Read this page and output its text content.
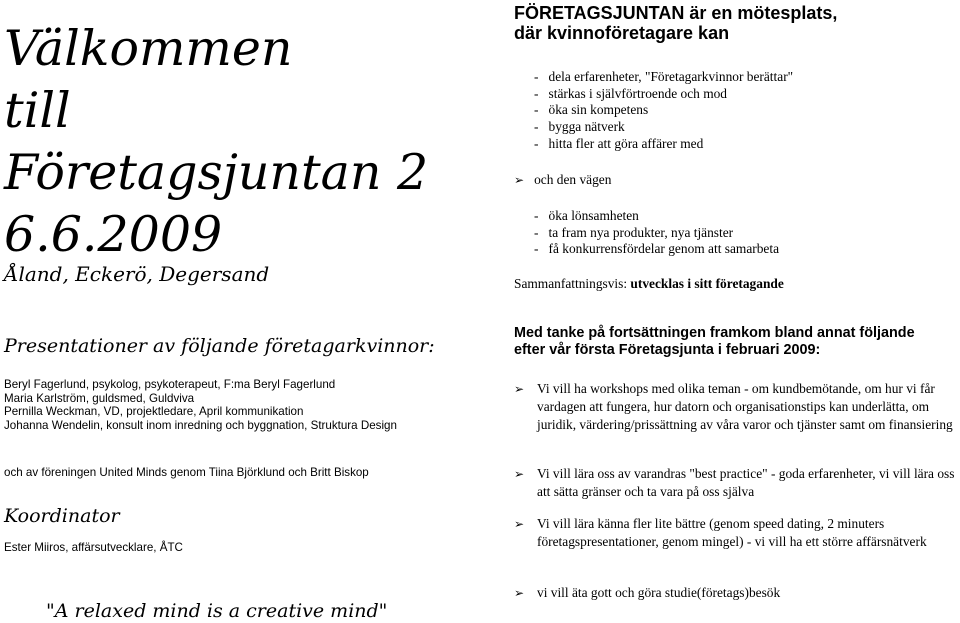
Välkommen
till
Företagsjuntan 2
6.6.2009
Åland, Eckerö, Degersand
Presentationer av följande företagarkvinnor:
Beryl Fagerlund, psykolog, psykoterapeut, F:ma Beryl Fagerlund
Maria Karlström, guldsmed, Guldviva
Pernilla Weckman, VD, projektledare, April kommunikation
Johanna Wendelin, konsult inom inredning och byggnation, Struktura Design
och av föreningen United Minds genom Tiina Björklund och Britt Biskop
Koordinator
Ester Miiros, affärsutvecklare, ÅTC
"A relaxed mind is a creative mind"
FÖRETAGSJUNTAN är en mötesplats,
där kvinnoföretagare kan
-   dela erfarenheter, "Företagarkvinnor berättar"
-   stärkas i självförtroende och mod
-   öka sin kompetens
-   bygga nätverk
-   hitta fler att göra affärer med
➢ och den vägen
-   öka lönsamheten
-   ta fram nya produkter, nya tjänster
-   få konkurrensfördelar genom att samarbeta
Sammanfattningsvis: utvecklas i sitt företagande
Med tanke på fortsättningen framkom bland annat följande
efter vår första Företagsjunta i februari 2009:
➢ Vi vill ha workshops med olika teman - om kundbemötande, om hur vi får vardagen att fungera, hur datorn och organisationstips kan underlätta, om juridik, värdering/prissättning av våra varor och tjänster samt om finansiering
➢ Vi vill lära oss av varandras "best practice" - goda erfarenheter, vi vill lära oss att sätta gränser och ta vara på oss själva
➢ Vi vill lära känna fler lite bättre (genom speed dating, 2 minuters företagspresentationer, genom mingel) - vi vill ha ett större affärsnätverk
➢ vi vill äta gott och göra studie(företags)besök
